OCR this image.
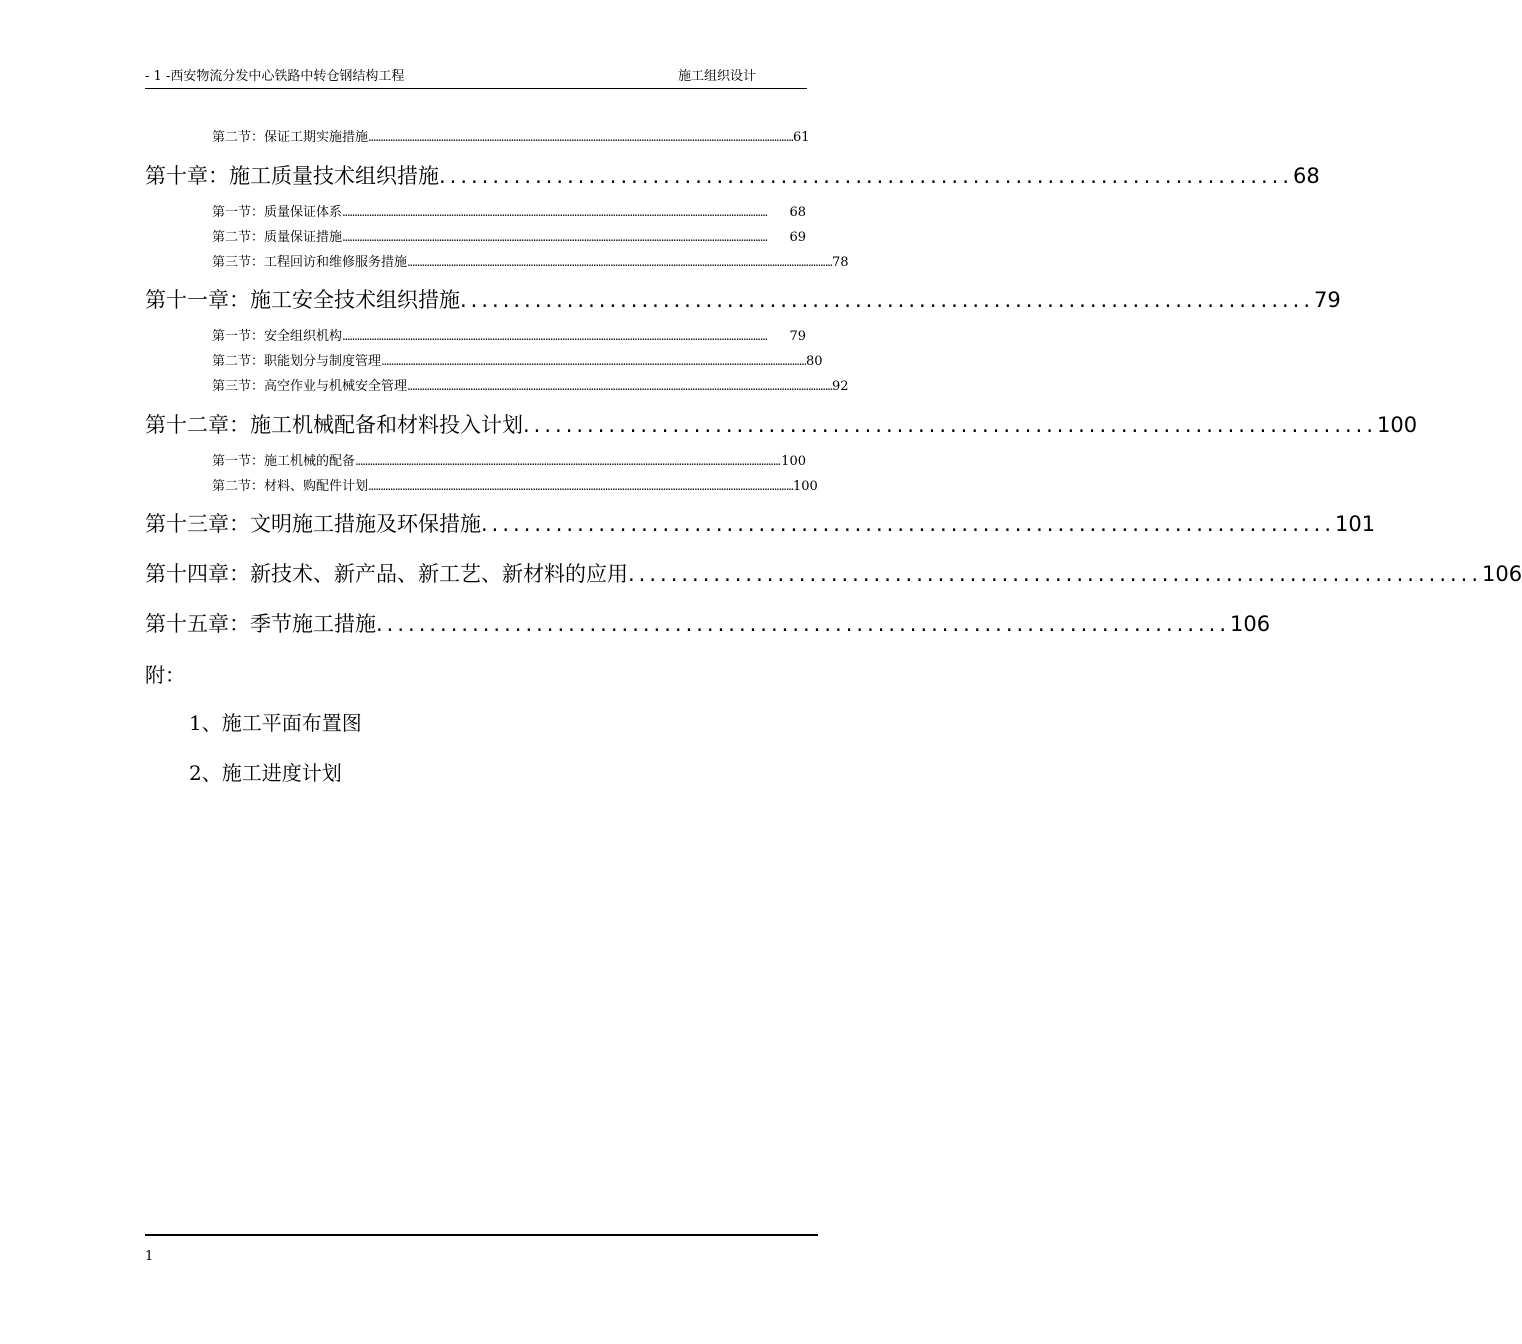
- 1 -西安物流分发中心铁路中转仓钢结构工程	施工组织设计
第二节：保证工期实施措施 ................................................................................................................................................................................ 61
第十章：施工质量技术组织措施 ................................................................................ 68
第一节：质量保证体系 ................................................................................................................................................................................	68
第二节：质量保证措施 ................................................................................................................................................................................	69
第三节：工程回访和维修服务措施 ................................................................................................................................................................................ 78
第十一章：施工安全技术组织措施 ................................................................................ 79
第一节：安全组织机构 ................................................................................................................................................................................	79
第二节：职能划分与制度管理 ................................................................................................................................................................................ 80
第三节：高空作业与机械安全管理 ................................................................................................................................................................................ 92
第十二章：施工机械配备和材料投入计划 ................................................................................ 100
第一节：施工机械的配备 ................................................................................................................................................................................ 100
第二节：材料、购配件计划 ................................................................................................................................................................................ 100
第十三章：文明施工措施及环保措施 ................................................................................ 101
第十四章：新技术、新产品、新工艺、新材料的应用 ................................................................................ 106
第十五章：季节施工措施 ................................................................................ 106
附：
1、施工平面布置图
2、施工进度计划
1
